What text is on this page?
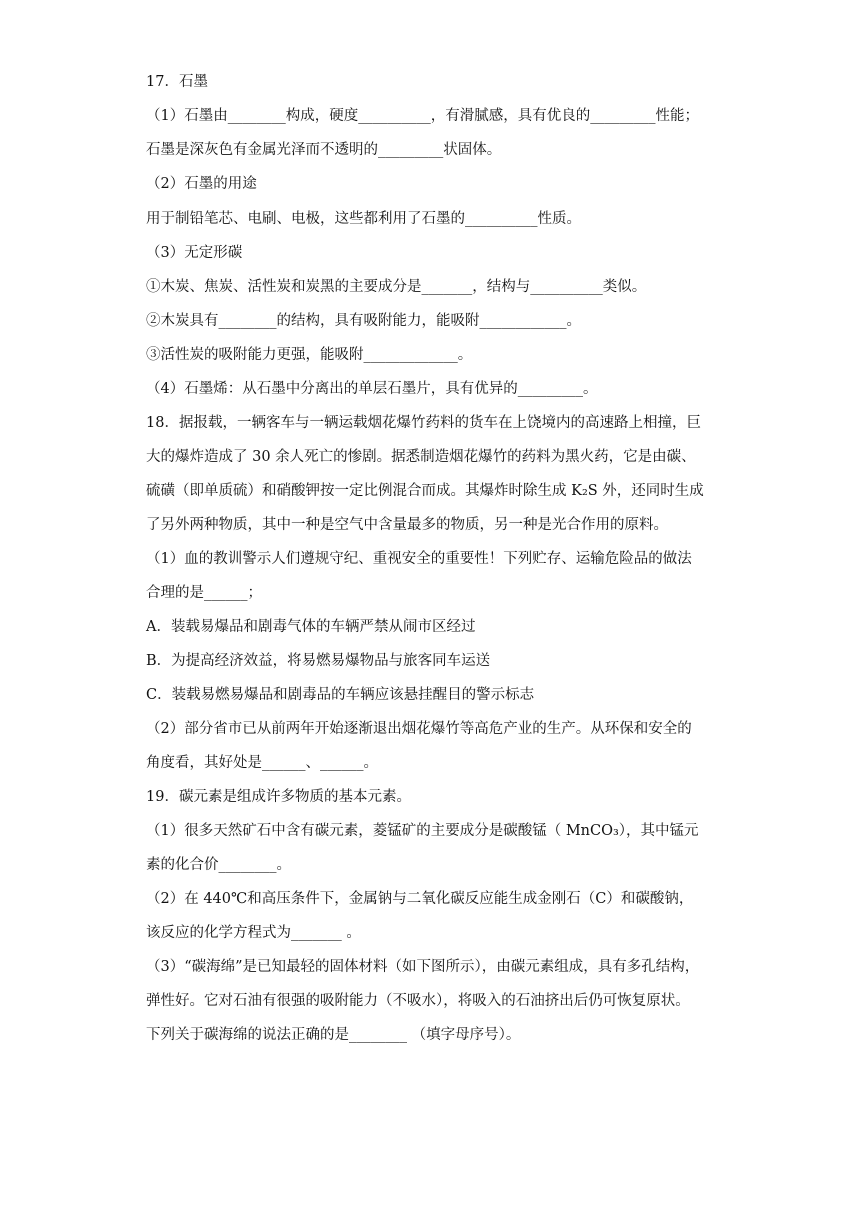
17．石墨
（1）石墨由________构成，硬度__________，有滑腻感，具有优良的_________性能；
石墨是深灰色有金属光泽而不透明的_________状固体。
（2）石墨的用途
用于制铅笔芯、电刷、电极，这些都利用了石墨的__________性质。
（3）无定形碳
①木炭、焦炭、活性炭和炭黑的主要成分是_______，结构与__________类似。
②木炭具有________的结构，具有吸附能力，能吸附____________。
③活性炭的吸附能力更强，能吸附_____________。
（4）石墨烯：从石墨中分离出的单层石墨片，具有优异的_________。
18．据报载，一辆客车与一辆运载烟花爆竹药料的货车在上饶境内的高速路上相撞，巨
大的爆炸造成了 30 余人死亡的惨剧。据悉制造烟花爆竹的药料为黑火药，它是由碳、
硫磺（即单质硫）和硝酸钾按一定比例混合而成。其爆炸时除生成 K₂S 外，还同时生成
了另外两种物质，其中一种是空气中含量最多的物质，另一种是光合作用的原料。
（1）血的教训警示人们遵规守纪、重视安全的重要性！下列贮存、运输危险品的做法
合理的是______；
A．装载易爆品和剧毒气体的车辆严禁从闹市区经过
B．为提高经济效益，将易燃易爆物品与旅客同车运送
C．装载易燃易爆品和剧毒品的车辆应该悬挂醒目的警示标志
（2）部分省市已从前两年开始逐渐退出烟花爆竹等高危产业的生产。从环保和安全的
角度看，其好处是______、______。
19．碳元素是组成许多物质的基本元素。
（1）很多天然矿石中含有碳元素，菱锰矿的主要成分是碳酸锰（ MnCO₃），其中锰元
素的化合价________。
（2）在 440℃和高压条件下，金属钠与二氧化碳反应能生成金刚石（C）和碳酸钠，
该反应的化学方程式为_______ 。
（3）“碳海绵”是已知最轻的固体材料（如下图所示），由碳元素组成，具有多孔结构，
弹性好。它对石油有很强的吸附能力（不吸水），将吸入的石油挤出后仍可恢复原状。
下列关于碳海绵的说法正确的是________ （填字母序号）。
